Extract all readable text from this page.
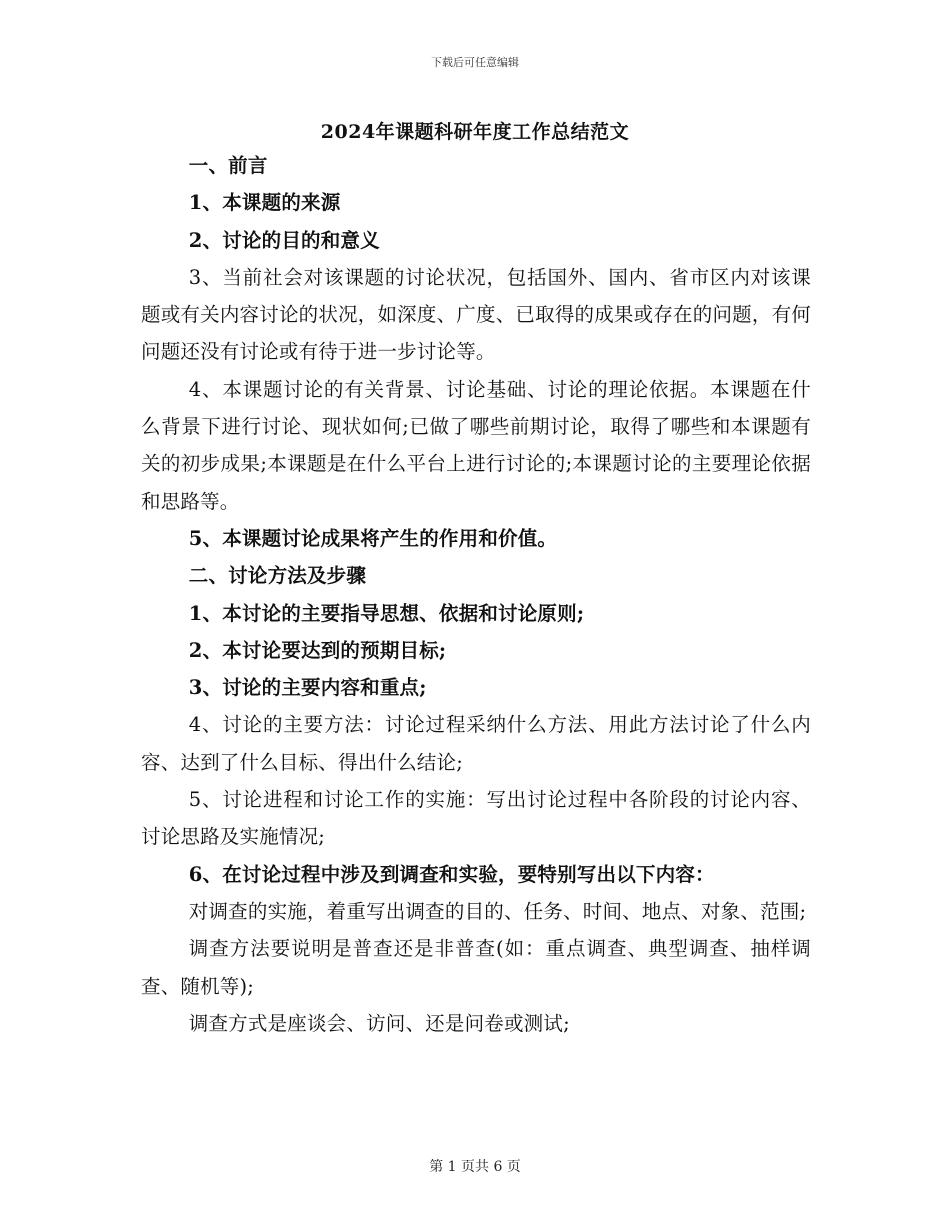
下载后可任意编辑
2024年课题科研年度工作总结范文

一、前言

1、本课题的来源

2、讨论的目的和意义

3、当前社会对该课题的讨论状况，包括国外、国内、省市区内对该课题或有关内容讨论的状况，如深度、广度、已取得的成果或存在的问题，有何问题还没有讨论或有待于进一步讨论等。

4、本课题讨论的有关背景、讨论基础、讨论的理论依据。本课题在什么背景下进行讨论、现状如何;已做了哪些前期讨论，取得了哪些和本课题有关的初步成果;本课题是在什么平台上进行讨论的;本课题讨论的主要理论依据和思路等。

5、本课题讨论成果将产生的作用和价值。

二、讨论方法及步骤

1、本讨论的主要指导思想、依据和讨论原则;

2、本讨论要达到的预期目标;

3、讨论的主要内容和重点;

4、讨论的主要方法：讨论过程采纳什么方法、用此方法讨论了什么内容、达到了什么目标、得出什么结论;

5、讨论进程和讨论工作的实施：写出讨论过程中各阶段的讨论内容、讨论思路及实施情况;

6、在讨论过程中涉及到调查和实验，要特别写出以下内容：

对调查的实施，着重写出调查的目的、任务、时间、地点、对象、范围;

调查方法要说明是普查还是非普查(如：重点调查、典型调查、抽样调查、随机等);

调查方式是座谈会、访问、还是问卷或测试;

第 1 页共 6 页
